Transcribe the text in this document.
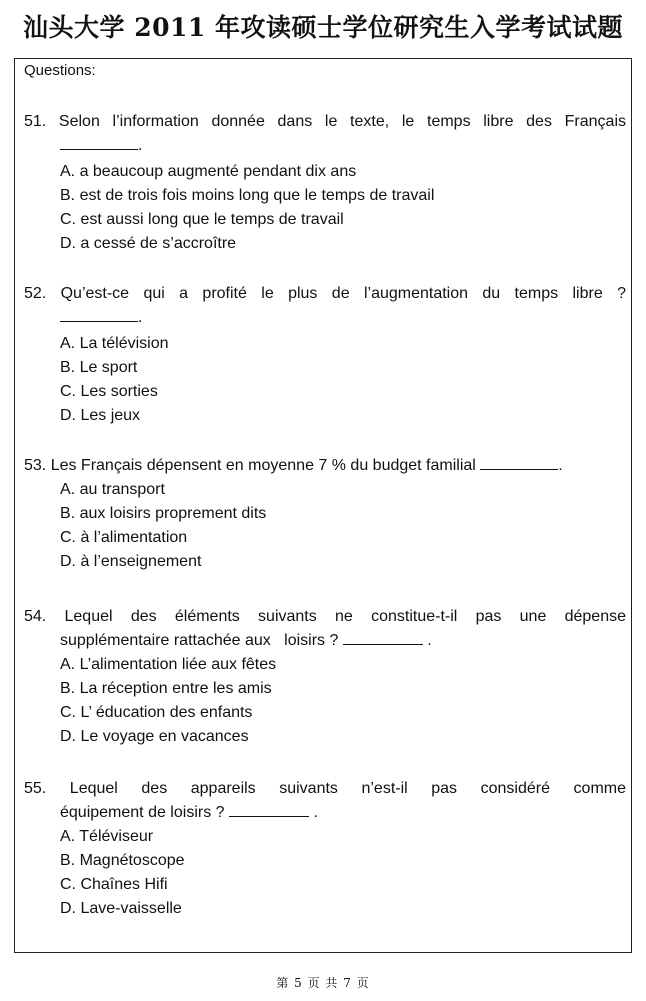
汕头大学 2011 年攻读硕士学位研究生入学考试试题
Questions:
51. Selon l’information donnée dans le texte, le temps libre des Français
.
A. a beaucoup augmenté pendant dix ans
B. est de trois fois moins long que le temps de travail
C. est aussi long que le temps de travail
D. a cessé de s’accroître
52. Qu’est-ce qui a profité le plus de l’augmentation du temps libre ?
.
A. La télévision
B. Le sport
C. Les sorties
D. Les jeux
53. Les Français dépensent en moyenne 7 % du budget familial	.
A. au transport
B. aux loisirs proprement dits
C. à l’alimentation
D. à l’enseignement
54. Lequel des éléments suivants ne constitue-t-il pas une dépense
supplémentaire rattachée aux   loisirs ?	.
A. L’alimentation liée aux fêtes
B. La réception entre les amis
C. L’ éducation des enfants
D. Le voyage en vacances
55. Lequel des appareils suivants n’est-il pas considéré comme
équipement de loisirs ?	.
A. Téléviseur
B. Magnétoscope
C. Chaînes Hifi
D. Lave-vaisselle
第 5 页 共 7 页
